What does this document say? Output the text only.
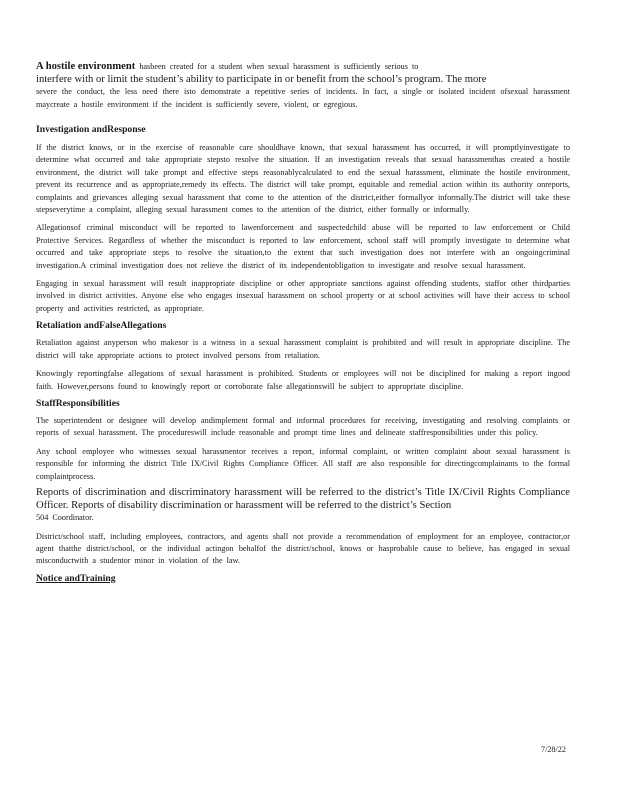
A hostile environment hasbeen created for a student when sexual harassment is sufficiently serious to

interfere with or limit the student’s ability to participate in or benefit from the school’s program. The more

severe the conduct, the less need there isto demonstrate a repetitive series of incidents. In fact, a single or isolated incident ofsexual harassment maycreate a hostile environment if the incident is sufficiently severe, violent, or egregious.

Investigation andResponse

If the district knows, or in the exercise of reasonable care shouldhave known, that sexual harassment has occurred, it will promptlyinvestigate to determine what occurred and take appropriate stepsto resolve the situation. If an investigation reveals that sexual harassmenthas created a hostile environment, the district will take prompt and effective steps reasonablycalculated to end the sexual harassment, eliminate the hostile environment, prevent its recurrence and as appropriate,remedy its effects. The district will take prompt, equitable and remedial action within its authority onreports, complaints and grievances alleging sexual harassment that come to the attention of the district,either formallyor informally.The district will take these stepseverytime a complaint, alleging sexual harassment comes to the attention of the district, either formally or informally.

Allegationsof criminal misconduct will be reported to lawenforcement and suspectedchild abuse will be reported to law enforcement or Child Protective Services. Regardless of whether the misconduct is reported to law enforcement, school staff will promptly investigate to determine what occurred and take appropriate steps to resolve the situation,to the extent that such investigation does not interfere with an ongoingcriminal investigation.A criminal investigation does not relieve the district of its independentobligation to investigate and resolve sexual harassment.

Engaging in sexual harassment will result inappropriate discipline or other appropriate sanctions against offending students, staffor other thirdparties involved in district activities. Anyone else who engages insexual harassment on school property or at school activities will have their access to school property and activities restricted, as appropriate.

Retaliation andFalseAllegations

Retaliation against anyperson who makesor is a witness in a sexual harassment complaint is prohibited and will result in appropriate discipline. The district will take appropriate actions to protect involved persons from retaliation.

Knowingly reportingfalse allegations of sexual harassment is prohibited. Students or employees will not be disciplined for making a report ingood faith. However,persons found to knowingly report or corroborate false allegationswill be subject to appropriate discipline.

StaffResponsibilities

The superintendent or designee will develop andimplement formal and informal procedures for receiving, investigating and resolving complaints or reports of sexual harassment. The procedureswill include reasonable and prompt time lines and delineate staffresponsibilities under this policy.

Any school employee who witnesses sexual harassmentor receives a report, informal complaint, or written complaint about sexual harassment is responsible for informing the district Title IX/Civil Rights Compliance Officer. All staff are also responsible for directingcomplainants to the formal complaintprocess.

Reports of discrimination and discriminatory harassment will be referred to the district’s Title IX/Civil Rights Compliance Officer. Reports of disability discrimination or harassment will be referred to the district’s Section

504 Coordinator.

District/school staff, including employees, contractors, and agents shall not provide a recommendation of employment for an employee, contractor,or agent thatthe district/school, or the individual actingon behalfof the district/school, knows or hasprobable cause to believe, has engaged in sexual misconductwith a studentor minor in violation of the law.

Notice andTraining
7/28/22
